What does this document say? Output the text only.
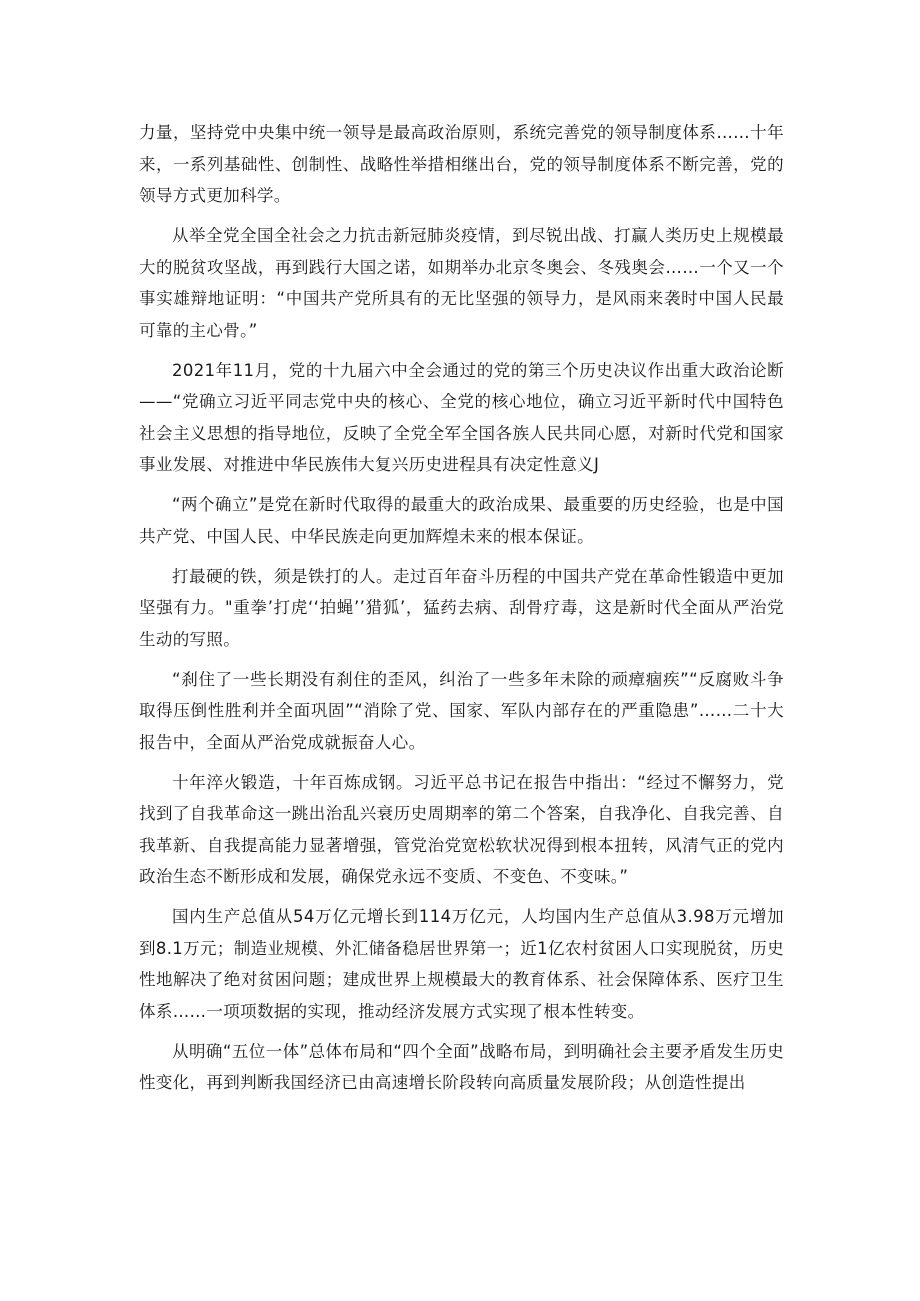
力量，坚持党中央集中统一领导是最高政治原则，系统完善党的领导制度体系……十年来，一系列基础性、创制性、战略性举措相继出台，党的领导制度体系不断完善，党的领导方式更加科学。

从举全党全国全社会之力抗击新冠肺炎疫情，到尽锐出战、打赢人类历史上规模最大的脱贫攻坚战，再到践行大国之诺，如期举办北京冬奥会、冬残奥会……一个又一个事实雄辩地证明：“中国共产党所具有的无比坚强的领导力，是风雨来袭时中国人民最可靠的主心骨。”

2021年11月，党的十九届六中全会通过的党的第三个历史决议作出重大政治论断——“党确立习近平同志党中央的核心、全党的核心地位，确立习近平新时代中国特色社会主义思想的指导地位，反映了全党全军全国各族人民共同心愿，对新时代党和国家事业发展、对推进中华民族伟大复兴历史进程具有决定性意义J

“两个确立”是党在新时代取得的最重大的政治成果、最重要的历史经验，也是中国共产党、中国人民、中华民族走向更加辉煌未来的根本保证。

打最硬的铁，须是铁打的人。走过百年奋斗历程的中国共产党在革命性锻造中更加坚强有力。"重拳’打虎‘‘拍蝇’’猎狐’，猛药去病、刮骨疗毒，这是新时代全面从严治党生动的写照。

“刹住了一些长期没有刹住的歪风，纠治了一些多年未除的顽瘴痼疾”“反腐败斗争取得压倒性胜利并全面巩固”“消除了党、国家、军队内部存在的严重隐患”……二十大报告中，全面从严治党成就振奋人心。

十年淬火锻造，十年百炼成钢。习近平总书记在报告中指出：“经过不懈努力，党找到了自我革命这一跳出治乱兴衰历史周期率的第二个答案，自我净化、自我完善、自我革新、自我提高能力显著增强，管党治党宽松软状况得到根本扭转，风清气正的党内政治生态不断形成和发展，确保党永远不变质、不变色、不变味。”

国内生产总值从54万亿元增长到114万亿元，人均国内生产总值从3.98万元增加到8.1万元；制造业规模、外汇储备稳居世界第一；近1亿农村贫困人口实现脱贫，历史性地解决了绝对贫困问题；建成世界上规模最大的教育体系、社会保障体系、医疗卫生体系……一项项数据的实现，推动经济发展方式实现了根本性转变。

从明确“五位一体”总体布局和“四个全面”战略布局，到明确社会主要矛盾发生历史性变化，再到判断我国经济已由高速增长阶段转向高质量发展阶段；从创造性提出
